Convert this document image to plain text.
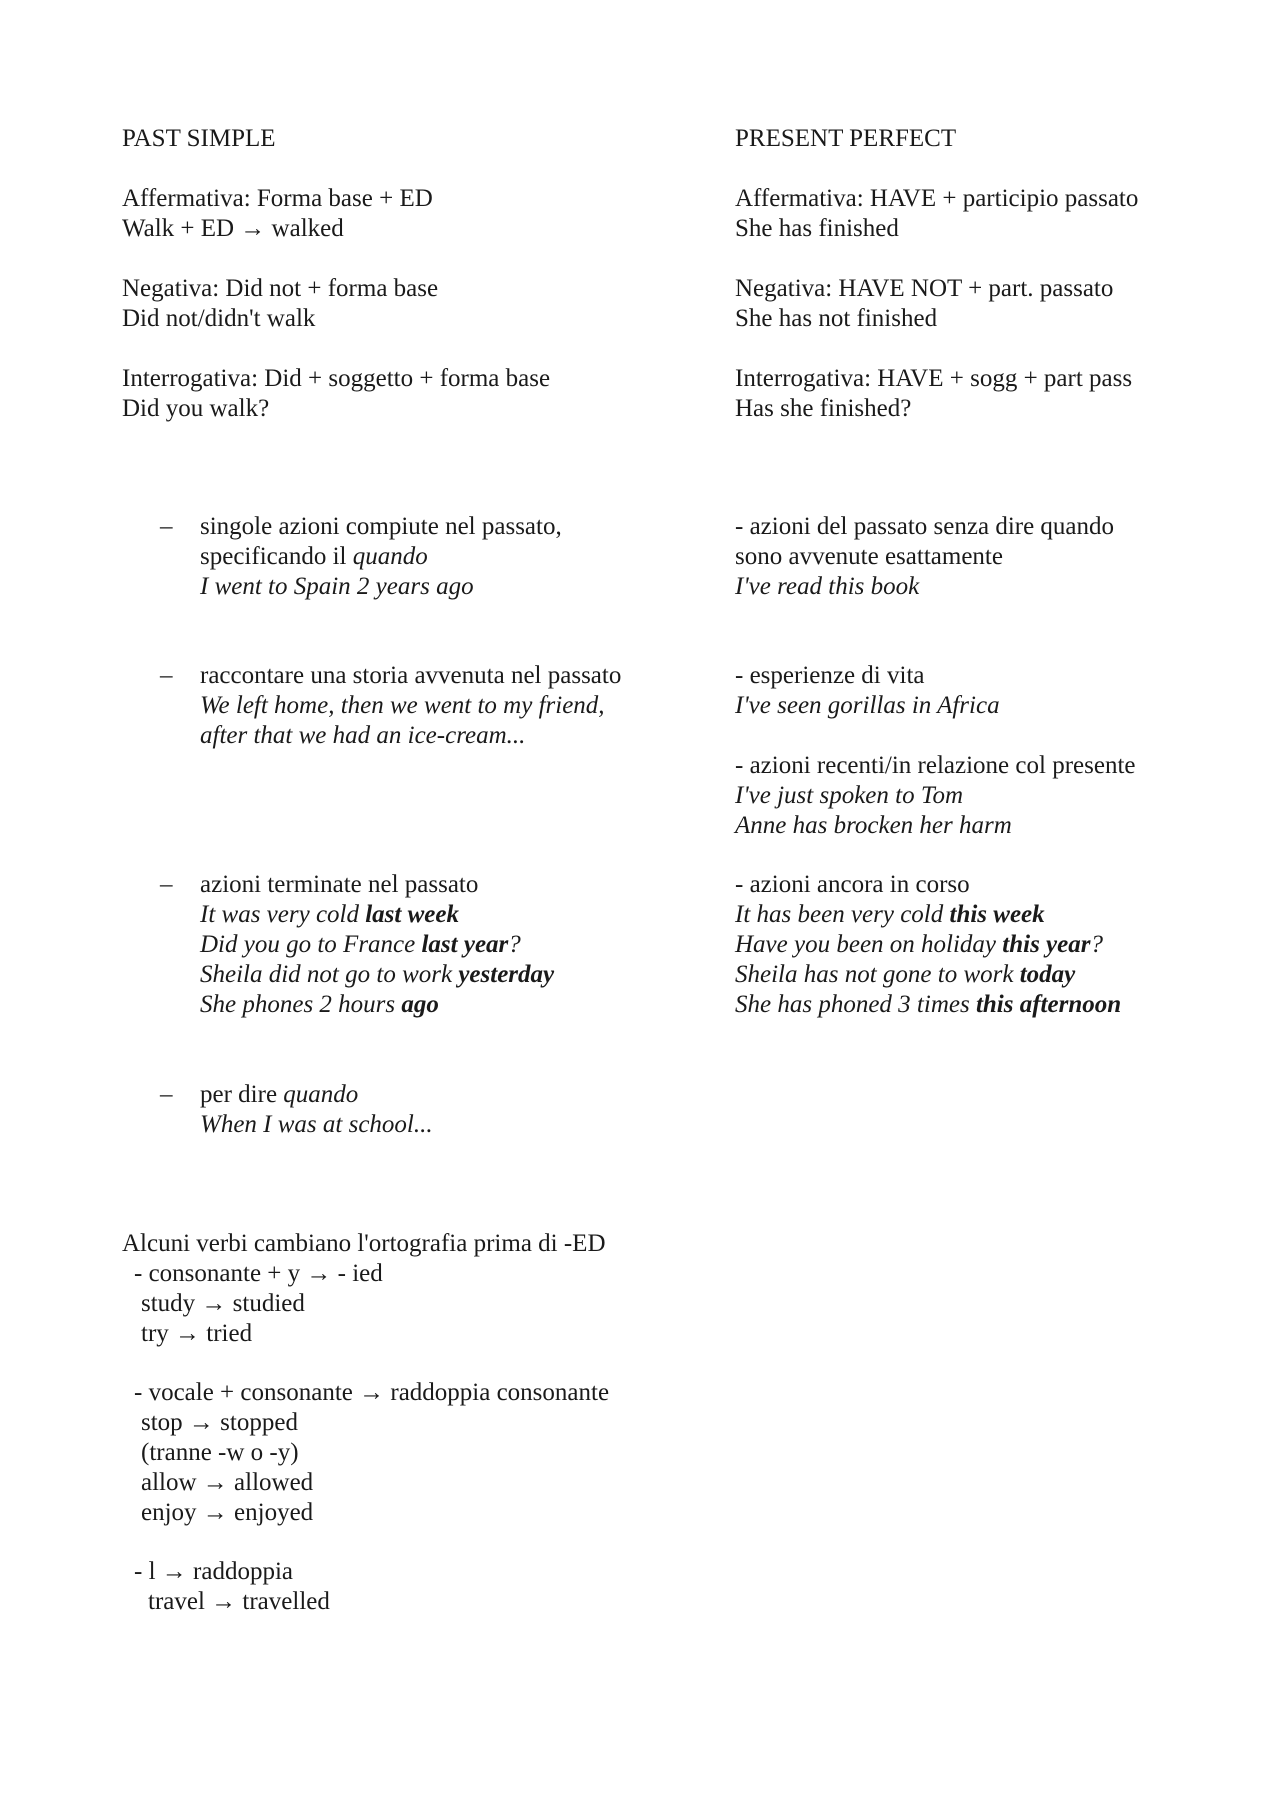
PAST SIMPLE
Affermativa: Forma base + ED
Walk + ED → walked
Negativa: Did not + forma base
Did not/didn't walk
Interrogativa: Did + soggetto + forma base
Did you walk?
PRESENT PERFECT
Affermativa: HAVE + participio passato
She has finished
Negativa: HAVE NOT + part. passato
She has not finished
Interrogativa: HAVE + sogg + part pass
Has she finished?
– singole azioni compiute nel passato,
specificando il quando
I went to Spain 2 years ago
– raccontare una storia avvenuta nel passato
We left home, then we went to my friend,
after that we had an ice-cream...
– azioni terminate nel passato
It was very cold last week
Did you go to France last year?
Sheila did not go to work yesterday
She phones 2 hours ago
– per dire quando
When I was at school...
- azioni del passato senza dire quando
sono avvenute esattamente
I've read this book
- esperienze di vita
I've seen gorillas in Africa
- azioni recenti/in relazione col presente
I've just spoken to Tom
Anne has brocken her harm
- azioni ancora in corso
It has been very cold this week
Have you been on holiday this year?
Sheila has not gone to work today
She has phoned 3 times this afternoon
Alcuni verbi cambiano l'ortografia prima di -ED
- consonante + y → - ied
study → studied
try → tried
- vocale + consonante → raddoppia consonante
stop → stopped
(tranne -w o -y)
allow → allowed
enjoy → enjoyed
- l → raddoppia
travel → travelled
